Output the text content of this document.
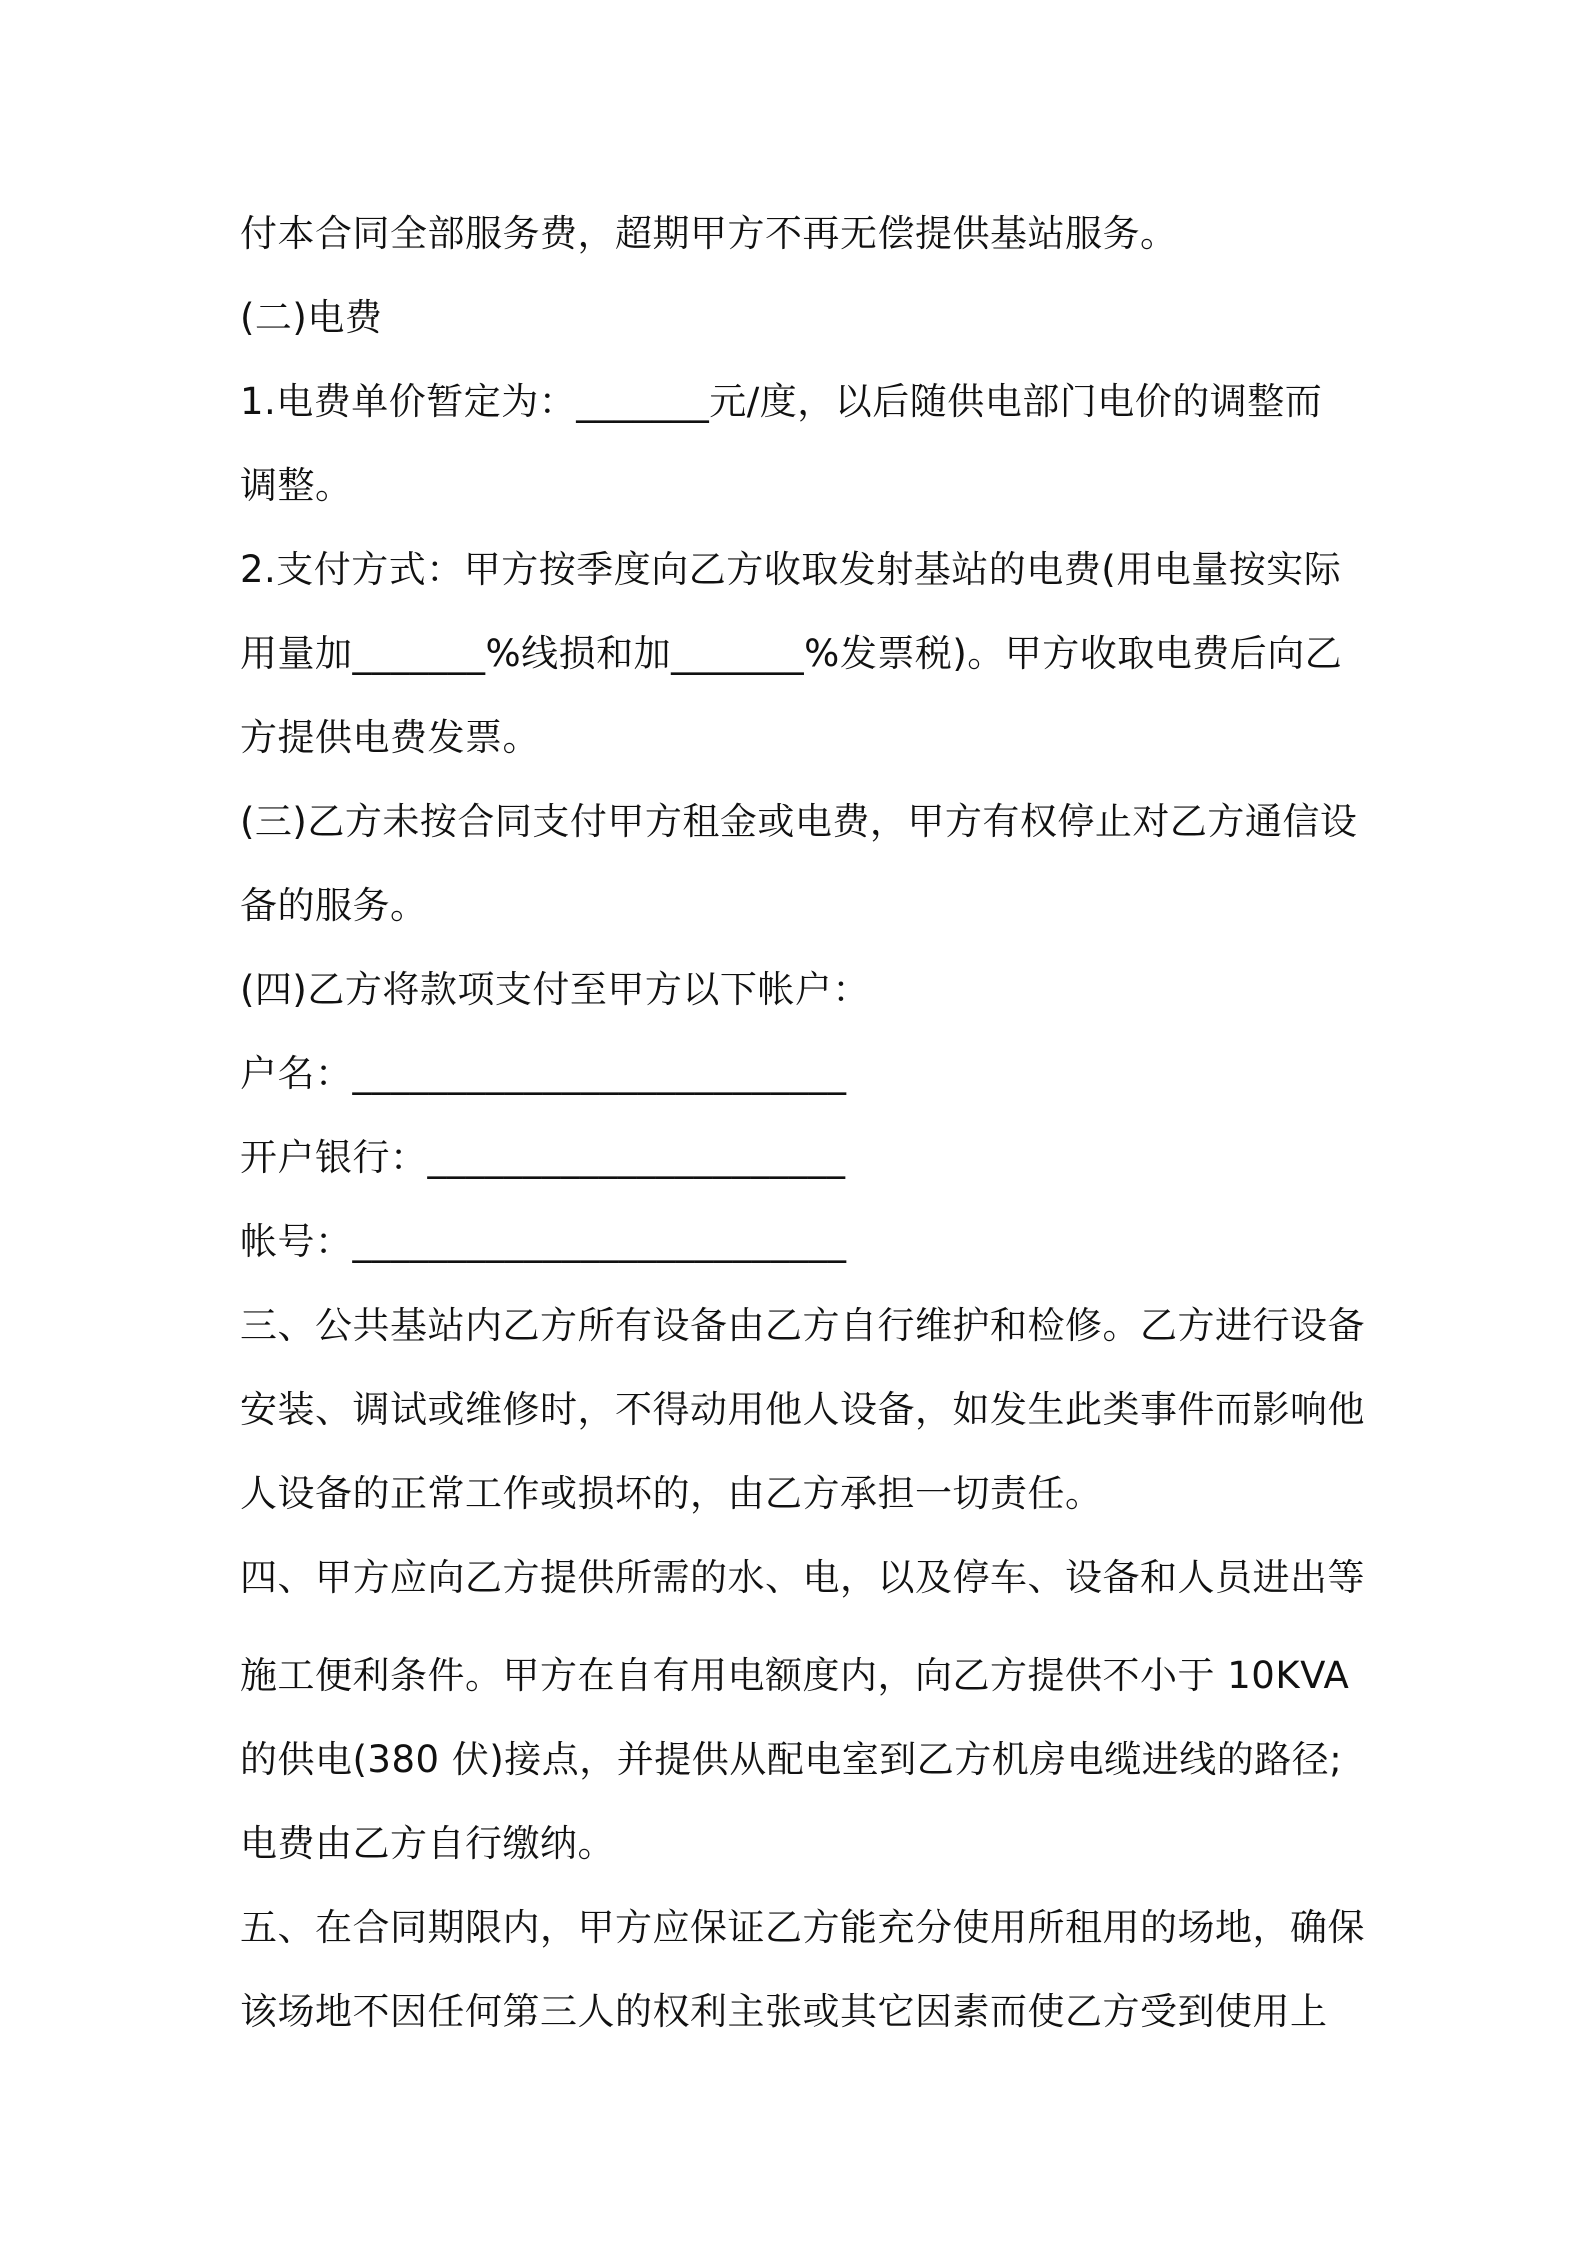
付本合同全部服务费，超期甲方不再无偿提供基站服务。
(二)电费
1.电费单价暂定为：_______元/度，以后随供电部门电价的调整而
调整。
2.支付方式：甲方按季度向乙方收取发射基站的电费(用电量按实际
用量加_______%线损和加_______%发票税)。甲方收取电费后向乙
方提供电费发票。
(三)乙方未按合同支付甲方租金或电费，甲方有权停止对乙方通信设
备的服务。
(四)乙方将款项支付至甲方以下帐户：
户名：__________________________
开户银行：______________________
帐号：__________________________
三、公共基站内乙方所有设备由乙方自行维护和检修。乙方进行设备
安装、调试或维修时，不得动用他人设备，如发生此类事件而影响他
人设备的正常工作或损坏的，由乙方承担一切责任。
四、甲方应向乙方提供所需的水、电，以及停车、设备和人员进出等
施工便利条件。甲方在自有用电额度内，向乙方提供不小于 10KVA
的供电(380 伏)接点，并提供从配电室到乙方机房电缆进线的路径;
电费由乙方自行缴纳。
五、在合同期限内，甲方应保证乙方能充分使用所租用的场地，确保
该场地不因任何第三人的权利主张或其它因素而使乙方受到使用上
